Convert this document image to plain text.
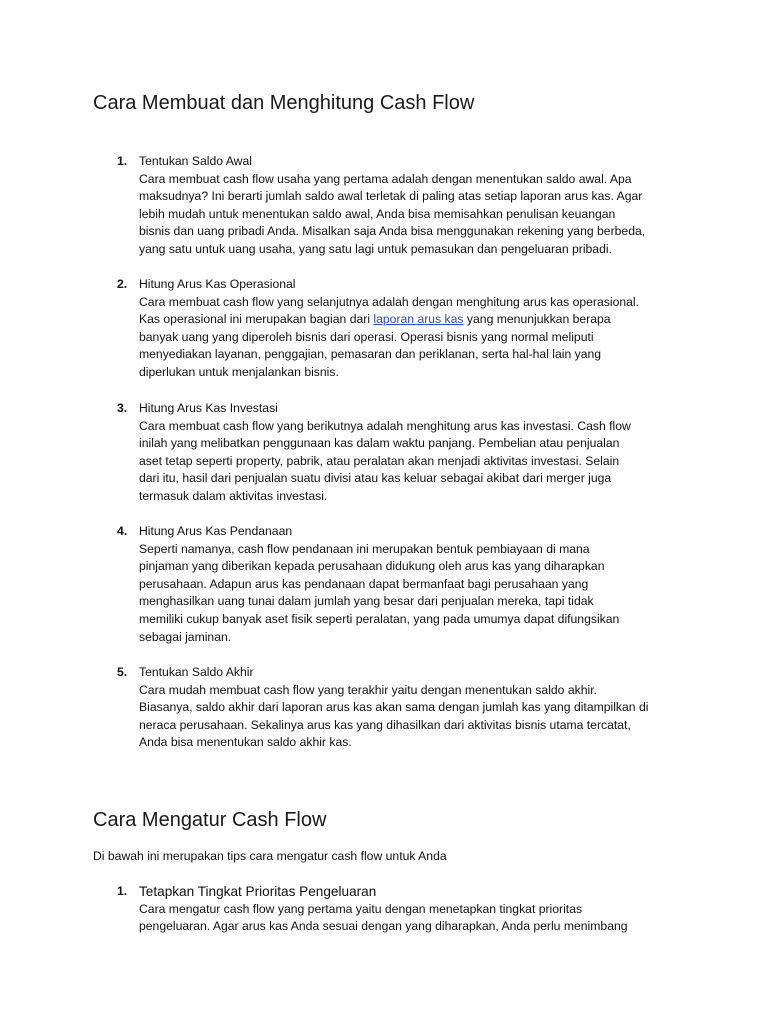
Cara Membuat dan Menghitung Cash Flow
1. Tentukan Saldo Awal
Cara membuat cash flow usaha yang pertama adalah dengan menentukan saldo awal. Apa
maksudnya? Ini berarti jumlah saldo awal terletak di paling atas setiap laporan arus kas. Agar
lebih mudah untuk menentukan saldo awal, Anda bisa memisahkan penulisan keuangan
bisnis dan uang pribadi Anda. Misalkan saja Anda bisa menggunakan rekening yang berbeda,
yang satu untuk uang usaha, yang satu lagi untuk pemasukan dan pengeluaran pribadi.
2. Hitung Arus Kas Operasional
Cara membuat cash flow yang selanjutnya adalah dengan menghitung arus kas operasional.
Kas operasional ini merupakan bagian dari laporan arus kas yang menunjukkan berapa
banyak uang yang diperoleh bisnis dari operasi. Operasi bisnis yang normal meliputi
menyediakan layanan, penggajian, pemasaran dan periklanan, serta hal-hal lain yang
diperlukan untuk menjalankan bisnis.
3. Hitung Arus Kas Investasi
Cara membuat cash flow yang berikutnya adalah menghitung arus kas investasi. Cash flow
inilah yang melibatkan penggunaan kas dalam waktu panjang. Pembelian atau penjualan
aset tetap seperti property, pabrik, atau peralatan akan menjadi aktivitas investasi. Selain
dari itu, hasil dari penjualan suatu divisi atau kas keluar sebagai akibat dari merger juga
termasuk dalam aktivitas investasi.
4. Hitung Arus Kas Pendanaan
Seperti namanya, cash flow pendanaan ini merupakan bentuk pembiayaan di mana
pinjaman yang diberikan kepada perusahaan didukung oleh arus kas yang diharapkan
perusahaan. Adapun arus kas pendanaan dapat bermanfaat bagi perusahaan yang
menghasilkan uang tunai dalam jumlah yang besar dari penjualan mereka, tapi tidak
memiliki cukup banyak aset fisik seperti peralatan, yang pada umumya dapat difungsikan
sebagai jaminan.
5. Tentukan Saldo Akhir
Cara mudah membuat cash flow yang terakhir yaitu dengan menentukan saldo akhir.
Biasanya, saldo akhir dari laporan arus kas akan sama dengan jumlah kas yang ditampilkan di
neraca perusahaan. Sekalinya arus kas yang dihasilkan dari aktivitas bisnis utama tercatat,
Anda bisa menentukan saldo akhir kas.
Cara Mengatur Cash Flow

Di bawah ini merupakan tips cara mengatur cash flow untuk Anda

1. Tetapkan Tingkat Prioritas Pengeluaran
Cara mengatur cash flow yang pertama yaitu dengan menetapkan tingkat prioritas
pengeluaran. Agar arus kas Anda sesuai dengan yang diharapkan, Anda perlu menimbang
